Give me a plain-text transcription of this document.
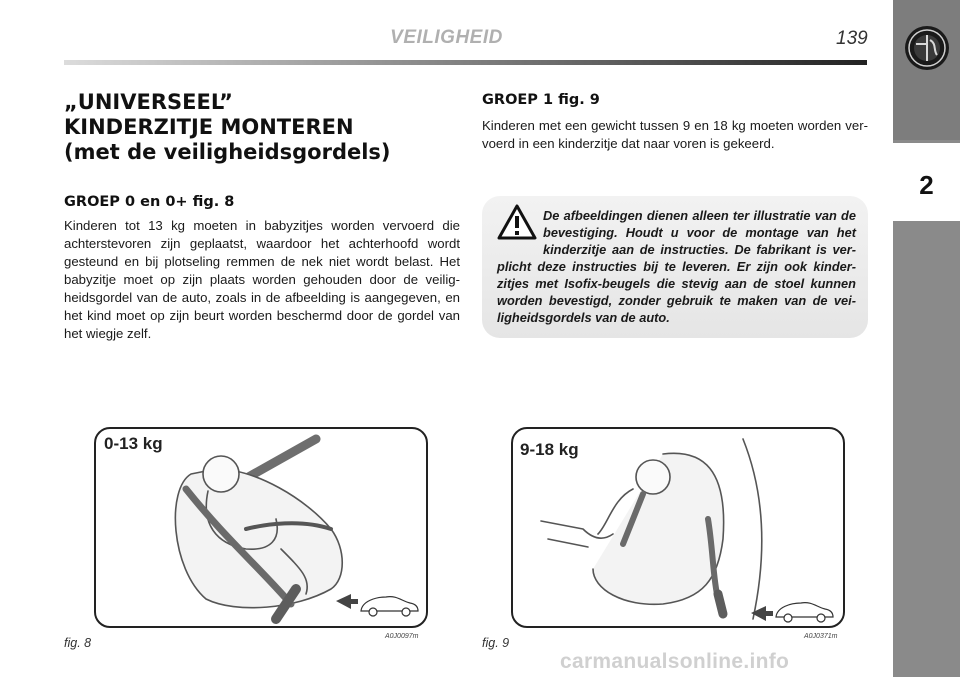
2
VEILIGHEID	139
„UNIVERSEEL”
KINDERZITJE MONTEREN
(met de veiligheidsgordels)
GROEP 0 en 0+ fig. 8
Kinderen tot 13 kg moeten in babyzitjes worden vervoerd die achterstevoren zijn geplaatst, waardoor het achterhoofd wordt gesteund en bij plotseling remmen de nek niet wordt belast. Het babyzitje moet op zijn plaats worden gehouden door de veilig-heidsgordel van de auto, zoals in de afbeelding is aangegeven, en het kind moet op zijn beurt worden beschermd door de gordel van het wiegje zelf.
GROEP 1 fig. 9
Kinderen met een gewicht tussen 9 en 18 kg moeten worden ver-voerd in een kinderzitje dat naar voren is gekeerd.
De afbeeldingen dienen alleen ter illustratie van de bevestiging. Houdt u voor de montage van het kinderzitje aan de instructies. De fabrikant is ver-plicht deze instructies bij te leveren. Er zijn ook kinder-zitjes met Isofix-beugels die stevig aan de stoel kunnen worden bevestigd, zonder gebruik te maken van de vei-ligheidsgordels van de auto.
0-13 kg
fig. 8	A0J0097m
9-18 kg
fig. 9	A0J0371m
carmanualsonline.info
